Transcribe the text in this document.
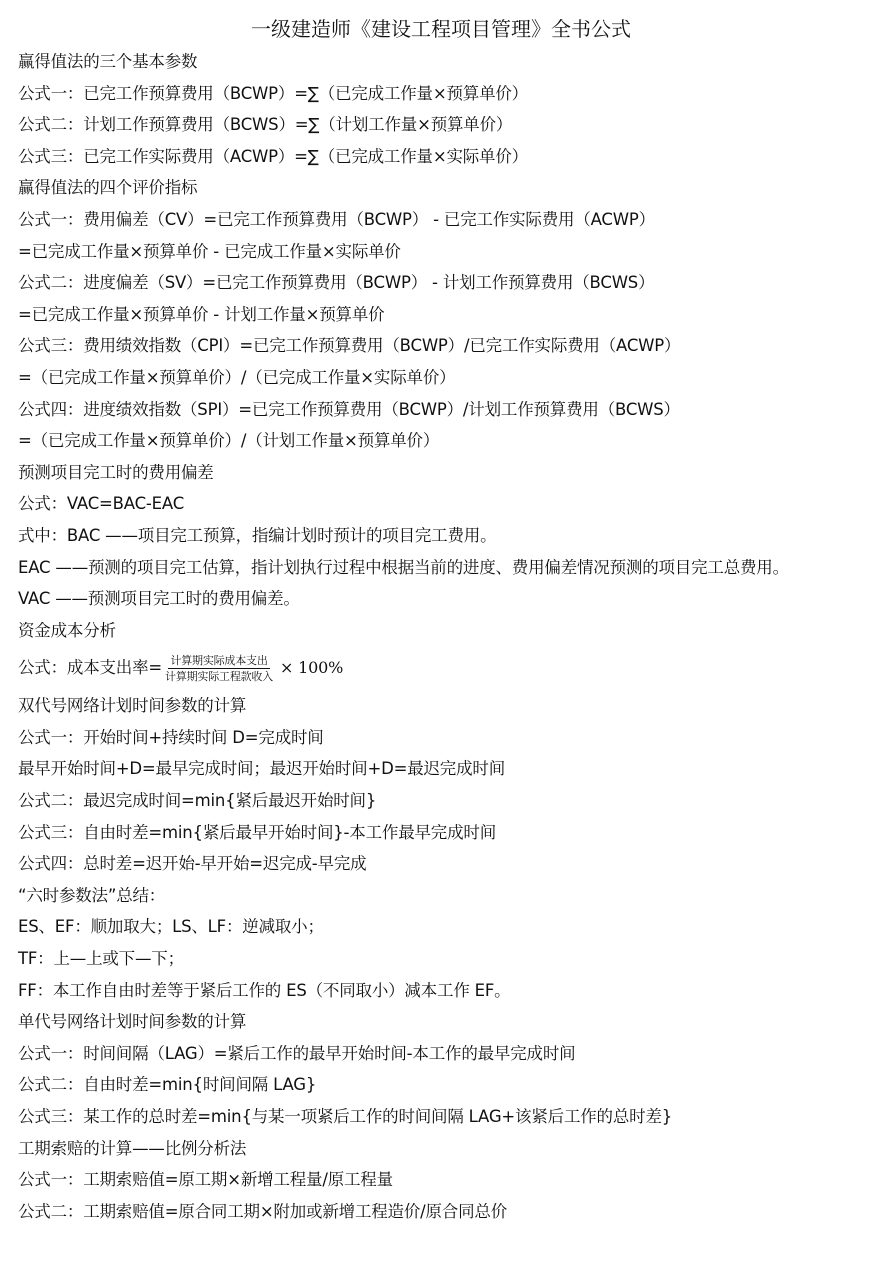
一级建造师《建设工程项目管理》全书公式
赢得值法的三个基本参数
公式一：已完工作预算费用（BCWP）=∑（已完成工作量×预算单价）
公式二：计划工作预算费用（BCWS）=∑（计划工作量×预算单价）
公式三：已完工作实际费用（ACWP）=∑（已完成工作量×实际单价）
赢得值法的四个评价指标
公式一：费用偏差（CV）=已完工作预算费用（BCWP） - 已完工作实际费用（ACWP）
=已完成工作量×预算单价 - 已完成工作量×实际单价
公式二：进度偏差（SV）=已完工作预算费用（BCWP） - 计划工作预算费用（BCWS）
=已完成工作量×预算单价 - 计划工作量×预算单价
公式三：费用绩效指数（CPI）=已完工作预算费用（BCWP）/已完工作实际费用（ACWP）
=（已完成工作量×预算单价）/（已完成工作量×实际单价）
公式四：进度绩效指数（SPI）=已完工作预算费用（BCWP）/计划工作预算费用（BCWS）
=（已完成工作量×预算单价）/（计划工作量×预算单价）
预测项目完工时的费用偏差
公式：VAC=BAC-EAC
式中：BAC ——项目完工预算，指编计划时预计的项目完工费用。
EAC ——预测的项目完工估算，指计划执行过程中根据当前的进度、费用偏差情况预测的项目完工总费用。
VAC ——预测项目完工时的费用偏差。
资金成本分析
公式：成本支出率= $\frac{\text{计算期实际成本支出}}{\text{计算期实际工程款收入}} \times 100\%$
双代号网络计划时间参数的计算
公式一：开始时间+持续时间 D=完成时间
最早开始时间+D=最早完成时间；最迟开始时间+D=最迟完成时间
公式二：最迟完成时间=min{紧后最迟开始时间}
公式三：自由时差=min{紧后最早开始时间}-本工作最早完成时间
公式四：总时差=迟开始-早开始=迟完成-早完成
“六时参数法”总结：
ES、EF：顺加取大；LS、LF：逆减取小；
TF：上—上或下—下；
FF：本工作自由时差等于紧后工作的 ES（不同取小）减本工作 EF。
单代号网络计划时间参数的计算
公式一：时间间隔（LAG）=紧后工作的最早开始时间-本工作的最早完成时间
公式二：自由时差=min{时间间隔 LAG}
公式三：某工作的总时差=min{与某一项紧后工作的时间间隔 LAG+该紧后工作的总时差}
工期索赔的计算——比例分析法
公式一：工期索赔值=原工期×新增工程量/原工程量
公式二：工期索赔值=原合同工期×附加或新增工程造价/原合同总价
